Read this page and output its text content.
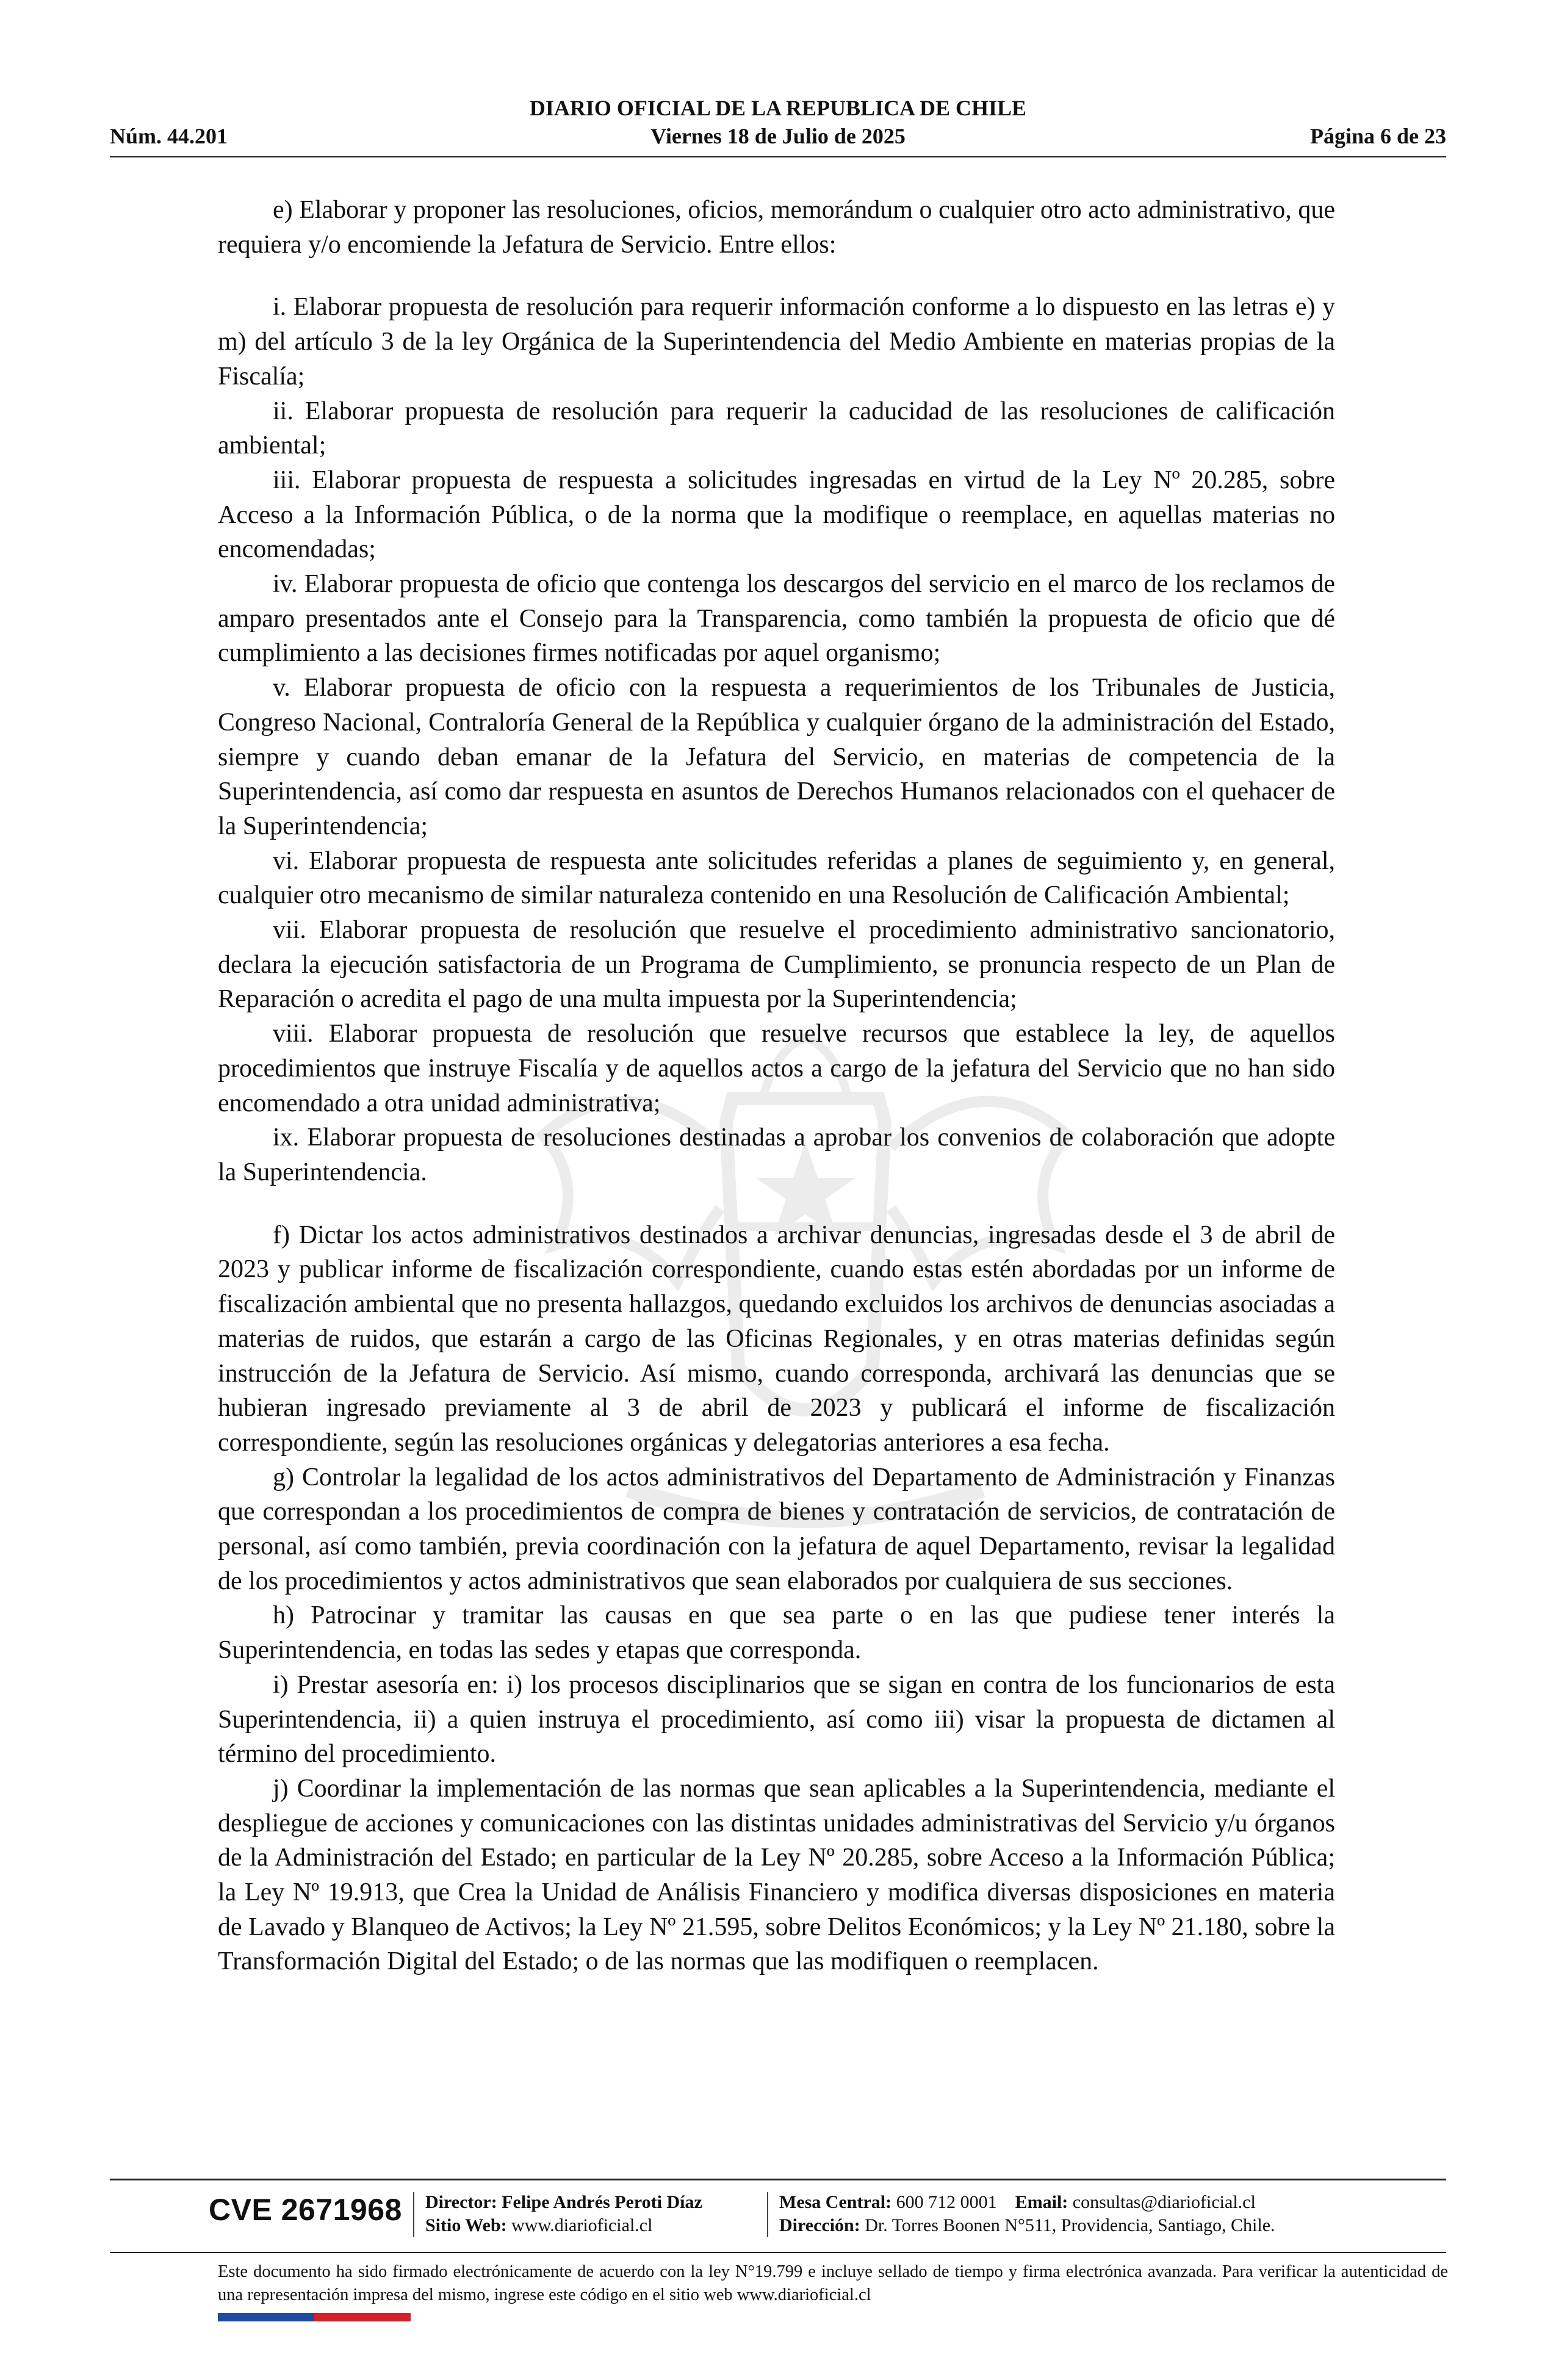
DIARIO OFICIAL DE LA REPUBLICA DE CHILE
Núm. 44.201	Viernes 18 de Julio de 2025	Página 6 de 23

e) Elaborar y proponer las resoluciones, oficios, memorándum o cualquier otro acto administrativo, que requiera y/o encomiende la Jefatura de Servicio. Entre ellos:

i. Elaborar propuesta de resolución para requerir información conforme a lo dispuesto en las letras e) y m) del artículo 3 de la ley Orgánica de la Superintendencia del Medio Ambiente en materias propias de la Fiscalía;

ii. Elaborar propuesta de resolución para requerir la caducidad de las resoluciones de calificación ambiental;

iii. Elaborar propuesta de respuesta a solicitudes ingresadas en virtud de la Ley Nº 20.285, sobre Acceso a la Información Pública, o de la norma que la modifique o reemplace, en aquellas materias no encomendadas;

iv. Elaborar propuesta de oficio que contenga los descargos del servicio en el marco de los reclamos de amparo presentados ante el Consejo para la Transparencia, como también la propuesta de oficio que dé cumplimiento a las decisiones firmes notificadas por aquel organismo;

v. Elaborar propuesta de oficio con la respuesta a requerimientos de los Tribunales de Justicia, Congreso Nacional, Contraloría General de la República y cualquier órgano de la administración del Estado, siempre y cuando deban emanar de la Jefatura del Servicio, en materias de competencia de la Superintendencia, así como dar respuesta en asuntos de Derechos Humanos relacionados con el quehacer de la Superintendencia;

vi. Elaborar propuesta de respuesta ante solicitudes referidas a planes de seguimiento y, en general, cualquier otro mecanismo de similar naturaleza contenido en una Resolución de Calificación Ambiental;

vii. Elaborar propuesta de resolución que resuelve el procedimiento administrativo sancionatorio, declara la ejecución satisfactoria de un Programa de Cumplimiento, se pronuncia respecto de un Plan de Reparación o acredita el pago de una multa impuesta por la Superintendencia;

viii. Elaborar propuesta de resolución que resuelve recursos que establece la ley, de aquellos procedimientos que instruye Fiscalía y de aquellos actos a cargo de la jefatura del Servicio que no han sido encomendado a otra unidad administrativa;

ix. Elaborar propuesta de resoluciones destinadas a aprobar los convenios de colaboración que adopte la Superintendencia.

f) Dictar los actos administrativos destinados a archivar denuncias, ingresadas desde el 3 de abril de 2023 y publicar informe de fiscalización correspondiente, cuando estas estén abordadas por un informe de fiscalización ambiental que no presenta hallazgos, quedando excluidos los archivos de denuncias asociadas a materias de ruidos, que estarán a cargo de las Oficinas Regionales, y en otras materias definidas según instrucción de la Jefatura de Servicio. Así mismo, cuando corresponda, archivará las denuncias que se hubieran ingresado previamente al 3 de abril de 2023 y publicará el informe de fiscalización correspondiente, según las resoluciones orgánicas y delegatorias anteriores a esa fecha.

g) Controlar la legalidad de los actos administrativos del Departamento de Administración y Finanzas que correspondan a los procedimientos de compra de bienes y contratación de servicios, de contratación de personal, así como también, previa coordinación con la jefatura de aquel Departamento, revisar la legalidad de los procedimientos y actos administrativos que sean elaborados por cualquiera de sus secciones.

h) Patrocinar y tramitar las causas en que sea parte o en las que pudiese tener interés la Superintendencia, en todas las sedes y etapas que corresponda.

i) Prestar asesoría en: i) los procesos disciplinarios que se sigan en contra de los funcionarios de esta Superintendencia, ii) a quien instruya el procedimiento, así como iii) visar la propuesta de dictamen al término del procedimiento.

j) Coordinar la implementación de las normas que sean aplicables a la Superintendencia, mediante el despliegue de acciones y comunicaciones con las distintas unidades administrativas del Servicio y/u órganos de la Administración del Estado; en particular de la Ley Nº 20.285, sobre Acceso a la Información Pública; la Ley Nº 19.913, que Crea la Unidad de Análisis Financiero y modifica diversas disposiciones en materia de Lavado y Blanqueo de Activos; la Ley Nº 21.595, sobre Delitos Económicos; y la Ley Nº 21.180, sobre la Transformación Digital del Estado; o de las normas que las modifiquen o reemplacen.

CVE 2671968 Director: Felipe Andrés Peroti Díaz
Sitio Web: www.diarioficial.cl
Mesa Central: 600 712 0001 Email: consultas@diarioficial.cl
Dirección: Dr. Torres Boonen N°511, Providencia, Santiago, Chile.
Este documento ha sido firmado electrónicamente de acuerdo con la ley N°19.799 e incluye sellado de tiempo y firma electrónica avanzada. Para verificar la autenticidad de una representación impresa del mismo, ingrese este código en el sitio web www.diarioficial.cl
